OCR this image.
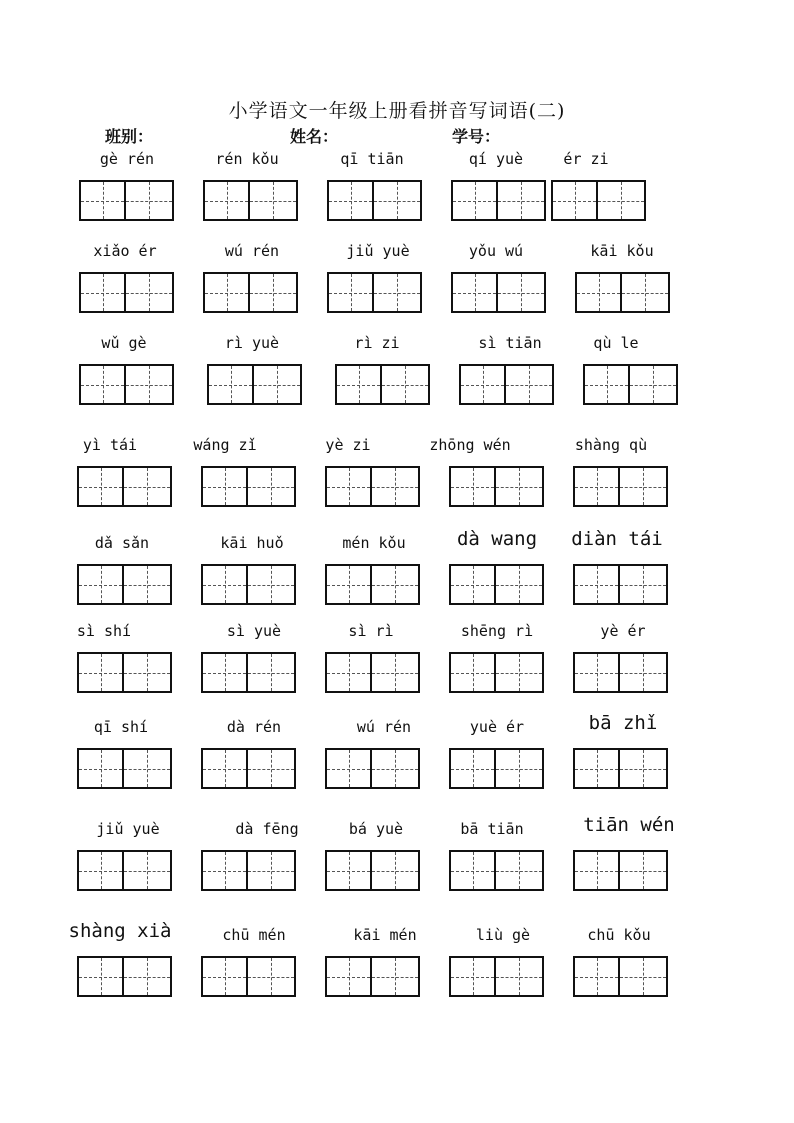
小学语文一年级上册看拼音写词语(二)
班别：	姓名：	学号：
gè rén	rén kǒu	qī tiān	qí yuè	ér zi
xiǎo ér	wú rén	jiǔ yuè	yǒu wú	kāi kǒu
wǔ gè	rì yuè	rì zi	sì tiān	qù le
yì tái	wáng zǐ	yè zi	zhōng wén	shàng qù
dǎ sǎn	kāi huǒ	mén kǒu	dà wang	diàn tái
sì shí	sì yuè	sì rì	shēng rì	yè ér
qī shí	dà rén	wú rén	yuè ér	bā zhǐ
jiǔ yuè	dà fēng	bá yuè	bā tiān	tiān wén
shàng xià	chū mén	kāi mén	liù gè	chū kǒu
